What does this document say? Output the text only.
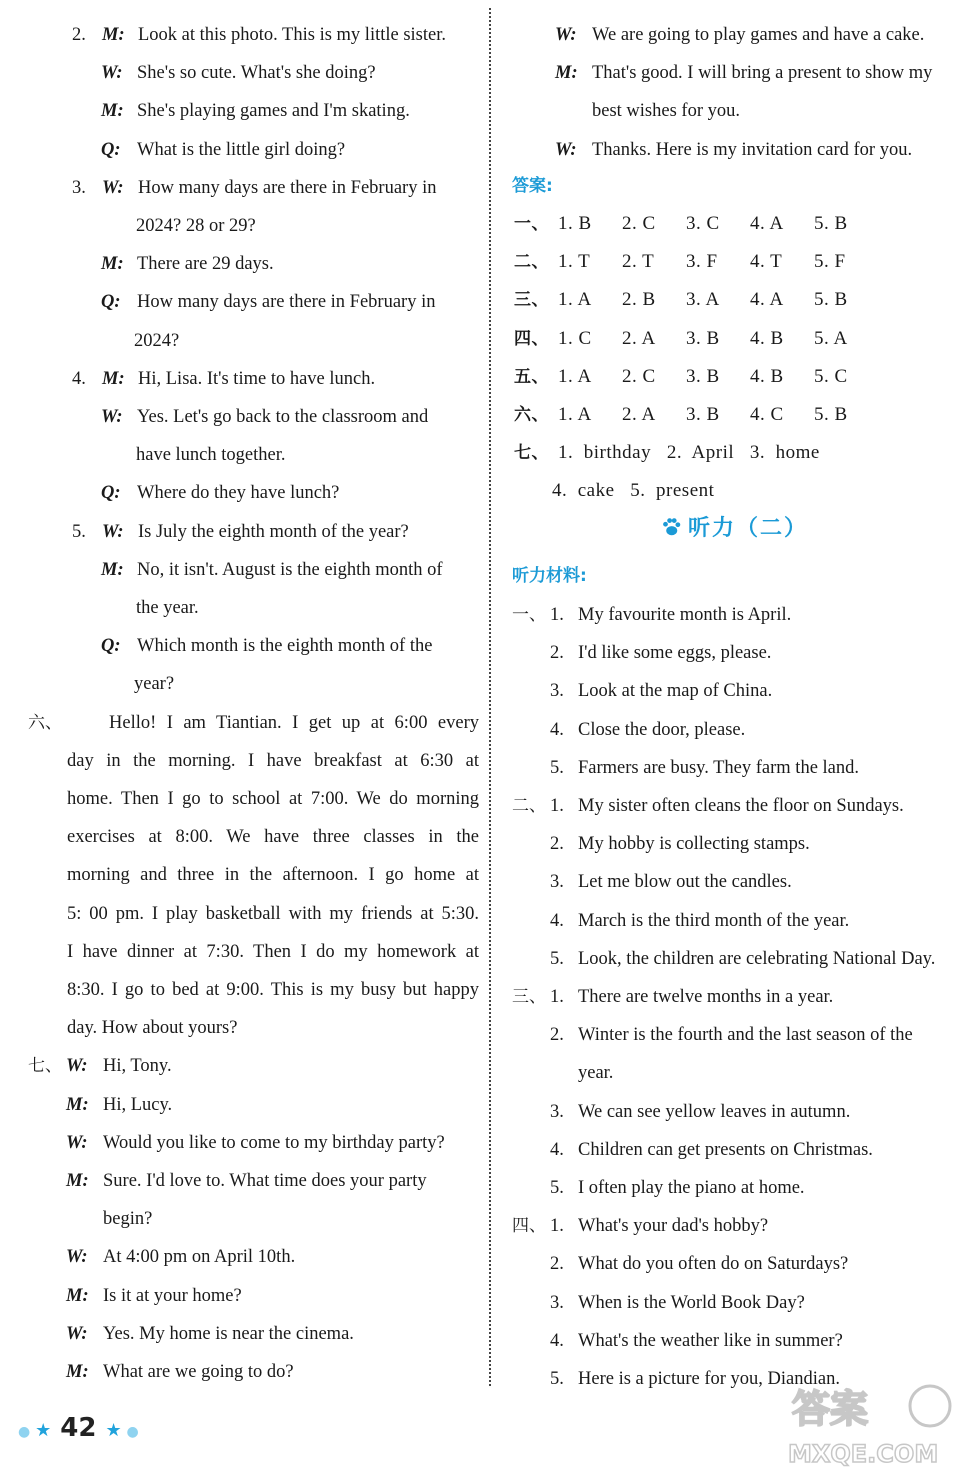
2. M: Look at this photo. This is my little sister.
W: She's so cute. What's she doing?
M: She's playing games and I'm skating.
Q: What is the little girl doing?
3. W: How many days are there in February in
2024? 28 or 29?
M: There are 29 days.
Q: How many days are there in February in
2024?
4. M: Hi, Lisa. It's time to have lunch.
W: Yes. Let's go back to the classroom and
have lunch together.
Q: Where do they have lunch?
5. W: Is July the eighth month of the year?
M: No, it isn't. August is the eighth month of
the year.
Q: Which month is the eighth month of the
year?
六、	Hello! I am Tiantian. I get up at 6:00 every
day in the morning. I have breakfast at 6:30 at
home. Then I go to school at 7:00. We do morning
exercises at 8:00. We have three classes in the
morning and three in the afternoon. I go home at
5: 00 pm. I play basketball with my friends at 5:30.
I have dinner at 7:30. Then I do my homework at
8:30. I go to bed at 9:00. This is my busy but happy
day. How about yours?
七、 W: Hi, Tony.
M: Hi, Lucy.
W: Would you like to come to my birthday party?
M: Sure. I'd love to. What time does your party
begin?
W: At 4:00 pm on April 10th.
M: Is it at your home?
W: Yes. My home is near the cinema.
M: What are we going to do?
W: We are going to play games and have a cake.
M: That's good. I will bring a present to show my
best wishes for you.
W: Thanks. Here is my invitation card for you.
一、 1. B 2. C 3. C 4. A 5. B
二、 1. T 2. T 3. F 4. T 5. F
三、 1. A 2. B 3. A 4. A 5. B
四、 1. C 2. A 3. B 4. B 5. A
五、 1. A 2. C 3. B 4. B 5. C
六、 1. A 2. A 3. B 4. C 5. B
七、 1.  birthday   2.  April   3.  home
4.  cake   5.  present
一、 1. My favourite month is April.
2. I'd like some eggs, please.
3. Look at the map of China.
4. Close the door, please.
5. Farmers are busy. They farm the land.
二、 1. My sister often cleans the floor on Sundays.
2. My hobby is collecting stamps.
3. Let me blow out the candles.
4. March is the third month of the year.
5. Look, the children are celebrating National Day.
三、 1. There are twelve months in a year.
2. Winter is the fourth and the last season of the
year.
3. We can see yellow leaves in autumn.
4. Children can get presents on Christmas.
5. I often play the piano at home.
四、 1. What's your dad's hobby?
2. What do you often do on Saturdays?
3. When is the World Book Day?
4. What's the weather like in summer?
5. Here is a picture for you, Diandian.
答案:
听力（二）
听力材料:
● ★ 42 ★ ●
答案
MXQE.COM
